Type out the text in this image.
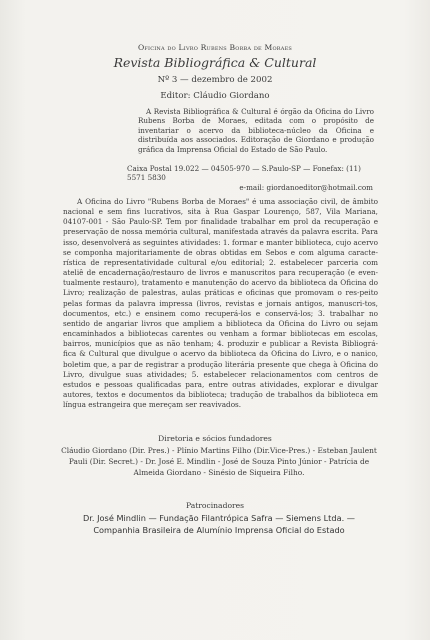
Oficina do Livro Rubens Borba de Moraes
Revista Bibliográfica & Cultural
Nº 3 — dezembro de 2002
Editor: Cláudio Giordano

A Revista Bibliográfica & Cultural é órgão da Oficina do Livro Rubens Borba de Moraes, editada com o propósito de inventariar o acervo da biblioteca-núcleo da Oficina e distribuída aos associados. Editoração de Giordano e produção gráfica da Imprensa Oficial do Estado de São Paulo.

Caixa Postal 19.022 — 04505-970 — S.Paulo-SP — Fonefax: (11) 5571 5830
e-mail: giordanoeditor@hotmail.com

A Oficina do Livro "Rubens Borba de Moraes" é uma associação civil, de âmbito nacional e sem fins lucrativos, sita à Rua Gaspar Lourenço, 587, Vila Mariana, 04107-001 - São Paulo-SP. Tem por finalidade trabalhar em prol da recuperação e preservação de nossa memória cultural, manifestada através da palavra escrita. Para isso, desenvolverá as seguintes atividades: 1. formar e manter biblioteca, cujo acervo se componha majoritariamente de obras obtidas em Sebos e com alguma caracte-rística de representatividade cultural e/ou editorial; 2. estabelecer parceria com ateliê de encadernação/restauro de livros e manuscritos para recuperação (e even-tualmente restauro), tratamento e manutenção do acervo da biblioteca da Oficina do Livro; realização de palestras, aulas práticas e oficinas que promovam o res-peito pelas formas da palavra impressa (livros, revistas e jornais antigos, manuscri-tos, documentos, etc.) e ensinem como recuperá-los e conservá-los; 3. trabalhar no sentido de angariar livros que ampliem a biblioteca da Oficina do Livro ou sejam encaminhados a bibliotecas carentes ou venham a formar bibliotecas em escolas, bairros, municípios que as não tenham; 4. produzir e publicar a Revista Bibliográ-fica & Cultural que divulgue o acervo da biblioteca da Oficina do Livro, e o nanico, boletim que, a par de registrar a produção literária presente que chega à Oficina do Livro, divulgue suas atividades; 5. estabelecer relacionamentos com centros de estudos e pessoas qualificadas para, entre outras atividades, explorar e divulgar autores, textos e documentos da biblioteca; tradução de trabalhos da biblioteca em língua estrangeira que mereçam ser reavivados.

Diretoria e sócios fundadores
Cláudio Giordano (Dir. Pres.) - Plínio Martins Filho (Dir.Vice-Pres.) - Esteban Jaulent Pauli (Dir. Secret.) - Dr. José E. Mindlin - José de Souza Pinto Júnior - Patrícia de Almeida Giordano - Sinésio de Siqueira Filho.
Patrocinadores
Dr. José Mindlin — Fundação Filantrópica Safra — Siemens Ltda. — Companhia Brasileira de Alumínio Imprensa Oficial do Estado
